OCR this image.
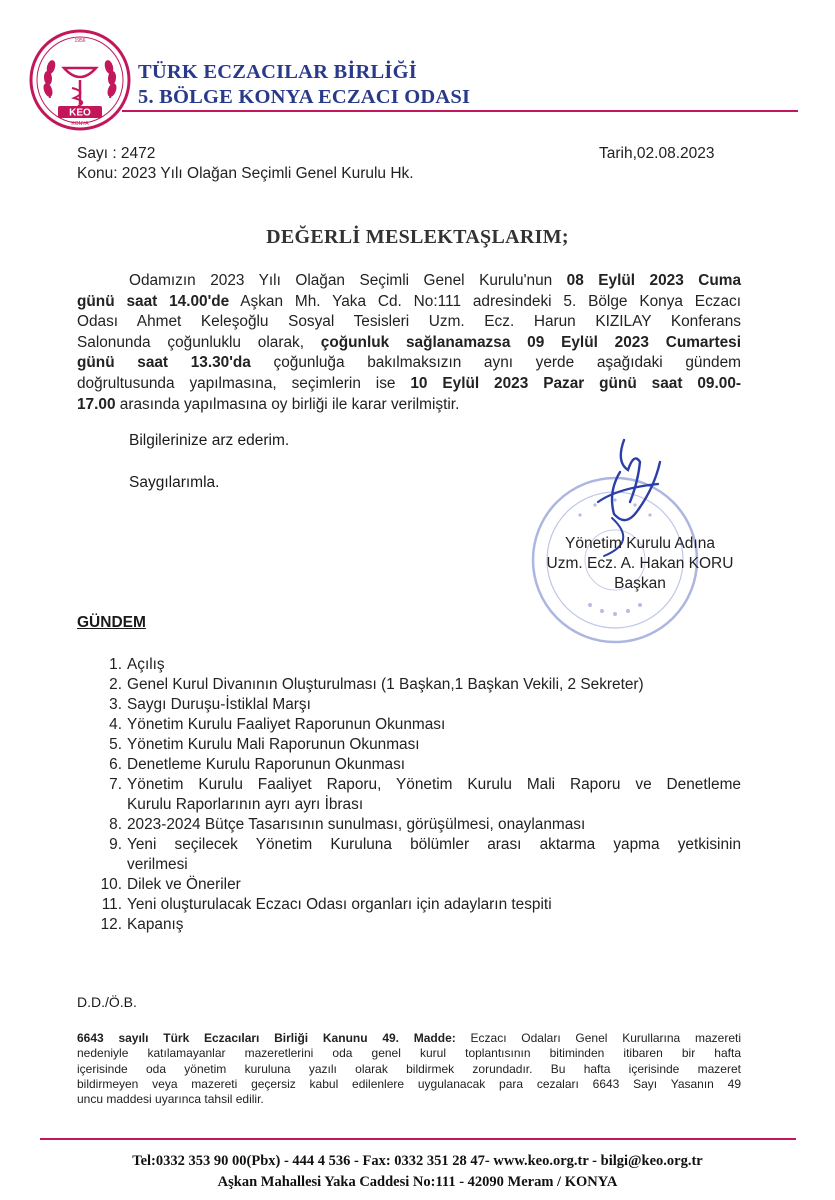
KEO
KONYA
1956
TÜRK ECZACILAR BİRLİĞİ
5. BÖLGE KONYA ECZACI ODASI
Sayı : 2472
Konu: 2023 Yılı Olağan Seçimli Genel Kurulu Hk.
Tarih,02.08.2023
DEĞERLİ MESLEKTAŞLARIM;
Odamızın 2023 Yılı Olağan Seçimli Genel Kurulu'nun 08 Eylül 2023 Cuma
günü saat 14.00'de Aşkan Mh. Yaka Cd. No:111 adresindeki 5. Bölge Konya Eczacı
Odası Ahmet Keleşoğlu Sosyal Tesisleri Uzm. Ecz. Harun KIZILAY Konferans
Salonunda çoğunluklu olarak, çoğunluk sağlanamazsa 09 Eylül 2023 Cumartesi
günü saat 13.30'da çoğunluğa bakılmaksızın aynı yerde aşağıdaki gündem
doğrultusunda yapılmasına, seçimlerin ise 10 Eylül 2023 Pazar günü saat 09.00-
17.00 arasında yapılmasına oy birliği ile karar verilmiştir.
Bilgilerinize arz ederim.
Saygılarımla.
Yönetim Kurulu Adına
Uzm. Ecz. A. Hakan KORU
Başkan
GÜNDEM
1. Açılış
2. Genel Kurul Divanının Oluşturulması (1 Başkan,1 Başkan Vekili, 2 Sekreter)
3. Saygı Duruşu-İstiklal Marşı
4. Yönetim Kurulu Faaliyet Raporunun Okunması
5. Yönetim Kurulu Mali Raporunun Okunması
6. Denetleme Kurulu Raporunun Okunması
7. Yönetim Kurulu Faaliyet Raporu, Yönetim Kurulu Mali Raporu ve Denetleme
Kurulu Raporlarının ayrı ayrı İbrası
8. 2023-2024 Bütçe Tasarısının sunulması, görüşülmesi, onaylanması
9. Yeni seçilecek Yönetim Kuruluna bölümler arası aktarma yapma yetkisinin
verilmesi
10. Dilek ve Öneriler
11. Yeni oluşturulacak Eczacı Odası organları için adayların tespiti
12. Kapanış
D.D./Ö.B.
6643 sayılı Türk Eczacıları Birliği Kanunu 49. Madde: Eczacı Odaları Genel Kurullarına mazereti
nedeniyle katılamayanlar mazeretlerini oda genel kurul toplantısının bitiminden itibaren bir hafta
içerisinde oda yönetim kuruluna yazılı olarak bildirmek zorundadır. Bu hafta içerisinde mazeret
bildirmeyen veya mazereti geçersiz kabul edilenlere uygulanacak para cezaları 6643 Sayı Yasanın 49
uncu maddesi uyarınca tahsil edilir.
Tel:0332 353 90 00(Pbx) - 444 4 536 - Fax: 0332 351 28 47- www.keo.org.tr - bilgi@keo.org.tr
Aşkan Mahallesi Yaka Caddesi No:111 - 42090 Meram / KONYA
